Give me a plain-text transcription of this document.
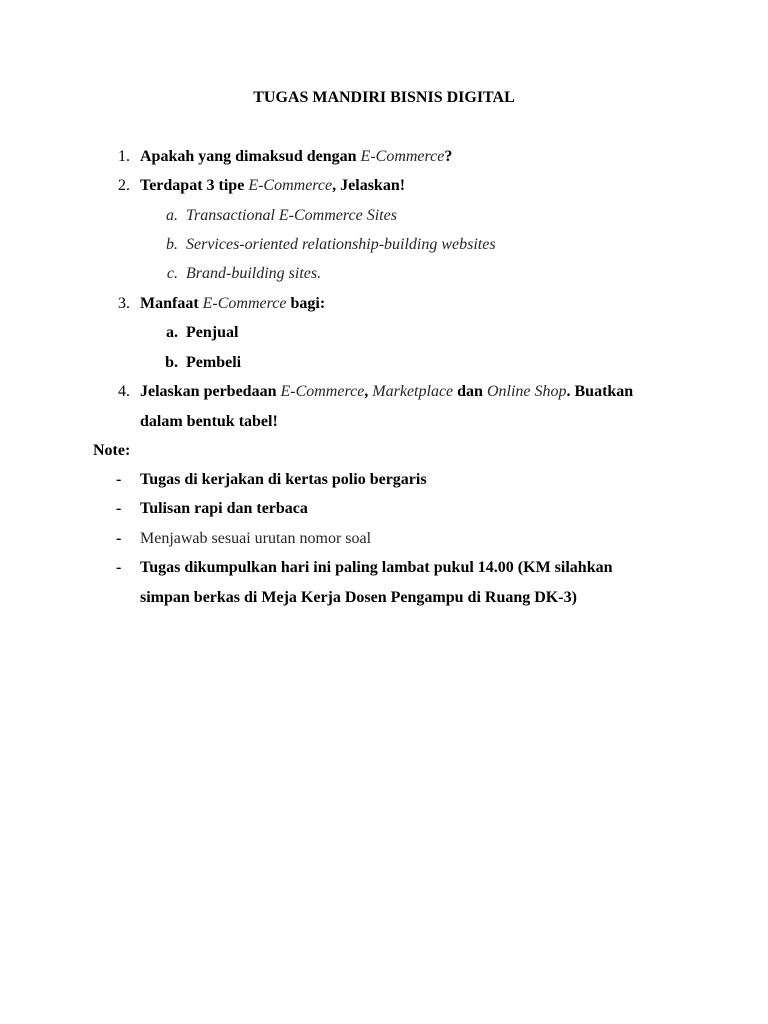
TUGAS MANDIRI BISNIS DIGITAL
1. Apakah yang dimaksud dengan E-Commerce?
2. Terdapat 3 tipe E-Commerce, Jelaskan!
a. Transactional E-Commerce Sites
b. Services-oriented relationship-building websites
c. Brand-building sites.
3. Manfaat E-Commerce bagi:
a. Penjual
b. Pembeli
4. Jelaskan perbedaan E-Commerce, Marketplace dan Online Shop. Buatkan
dalam bentuk tabel!
Note:
- Tugas di kerjakan di kertas polio bergaris
- Tulisan rapi dan terbaca
- Menjawab sesuai urutan nomor soal
- Tugas dikumpulkan hari ini paling lambat pukul 14.00 (KM silahkan
simpan berkas di Meja Kerja Dosen Pengampu di Ruang DK-3)
